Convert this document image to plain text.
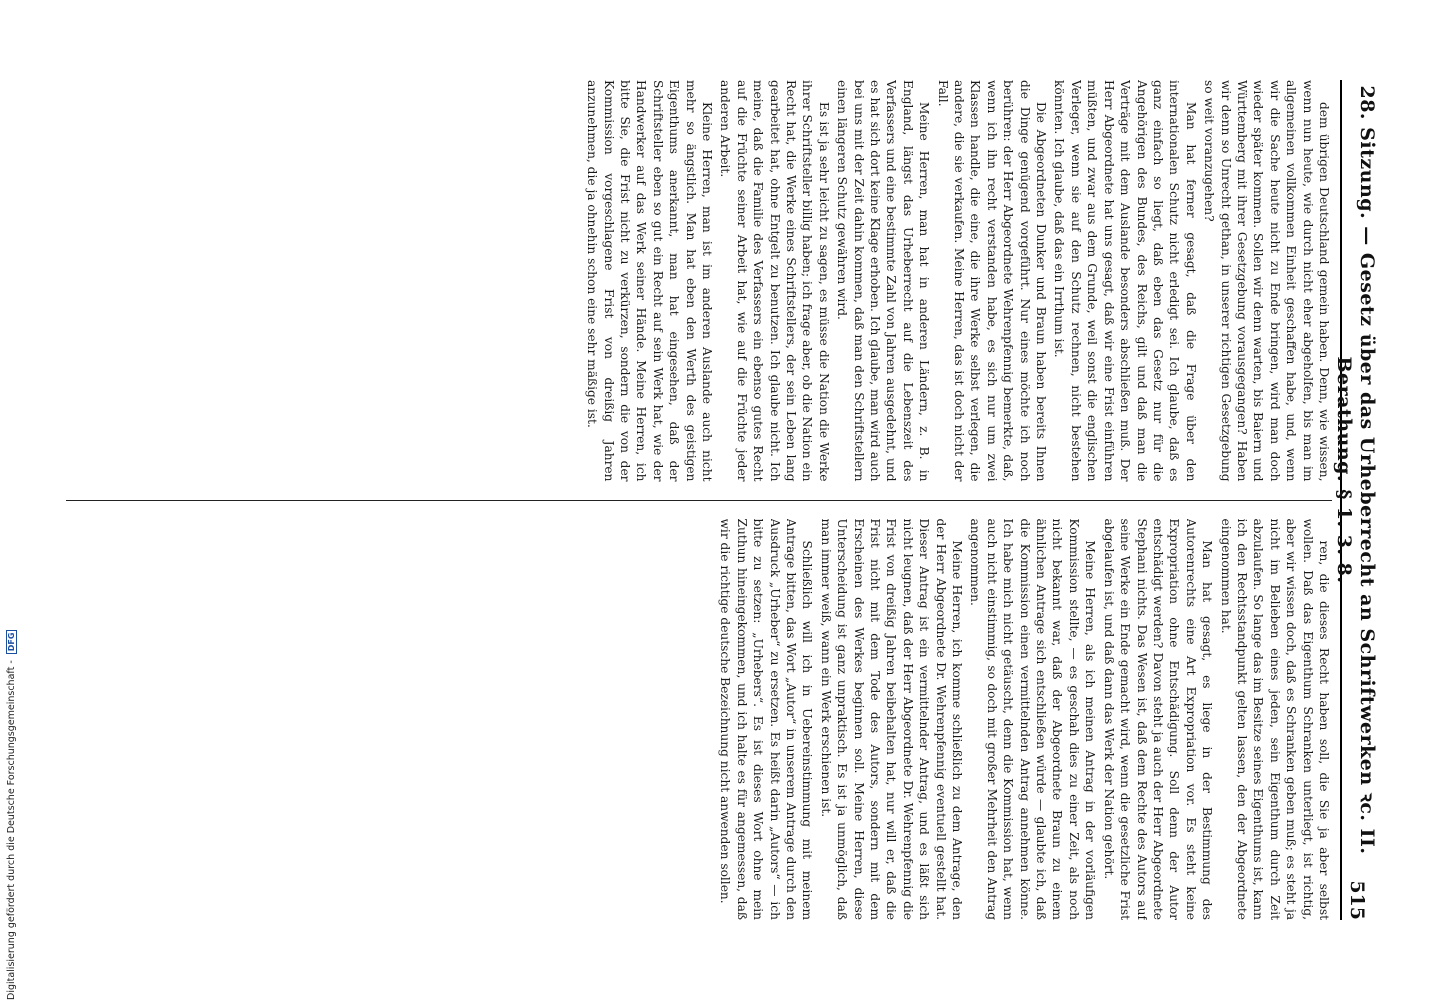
28. Sitzung. — Gesetz über das Urheberrecht an Schriftwerken ꝛc. II. Berathung. § 1. 3. 8.
515

dem übrigen Deutschland gemein haben. Denn, wie wissen, wenn nun heute, wie durch nicht eher abgeholfen, bis man im allgemeinen vollkommen Einheit geschaffen habe, und, wenn wir die Sache heute nicht zu Ende bringen, wird man doch wieder später kommen. Sollen wir denn warten, bis Baiern und Württemberg mit ihrer Gesetzgebung vorausgegangen? Haben wir denn so Unrecht gethan, in unserer richtigen Gesetzgebung so weit voranzugehen?

Man hat ferner gesagt, daß die Frage über den internationalen Schutz nicht erledigt sei. Ich glaube, daß es ganz einfach so liegt, daß eben das Gesetz nur für die Angehörigen des Bundes, des Reichs, gilt und daß man die Verträge mit dem Auslande besonders abschließen muß. Der Herr Abgeordnete hat uns gesagt, daß wir eine Frist einführen müßten, und zwar aus dem Grunde, weil sonst die englischen Verleger, wenn sie auf den Schutz rechnen, nicht bestehen könnten. Ich glaube, daß das ein Irrthum ist.

Die Abgeordneten Dunker und Braun haben bereits Ihnen die Dinge genügend vorgeführt. Nur eines möchte ich noch berühren: der Herr Abgeordnete Wehrenpfennig bemerkte, daß, wenn ich ihn recht verstanden habe, es sich nur um zwei Klassen handle, die eine, die ihre Werke selbst verlegen, die andere, die sie verkaufen. Meine Herren, das ist doch nicht der Fall.

Meine Herren, man hat in anderen Ländern, z. B. in England, längst das Urheberrecht auf die Lebenszeit des Verfassers und eine bestimmte Zahl von Jahren ausgedehnt, und es hat sich dort keine Klage erhoben. Ich glaube, man wird auch bei uns mit der Zeit dahin kommen, daß man den Schriftstellern einen längeren Schutz gewähren wird.

Es ist ja sehr leicht zu sagen, es müsse die Nation die Werke ihrer Schriftsteller billig haben; ich frage aber, ob die Nation ein Recht hat, die Werke eines Schriftstellers, der sein Leben lang gearbeitet hat, ohne Entgelt zu benutzen. Ich glaube nicht. Ich meine, daß die Familie des Verfassers ein ebenso gutes Recht auf die Früchte seiner Arbeit hat, wie auf die Früchte jeder anderen Arbeit.

Kleine Herren, man ist im anderen Auslande auch nicht mehr so ängstlich. Man hat eben den Werth des geistigen Eigenthums anerkannt, man hat eingesehen, daß der Schriftsteller eben so gut ein Recht auf sein Werk hat, wie der Handwerker auf das Werk seiner Hände. Meine Herren, ich bitte Sie, die Frist nicht zu verkürzen, sondern die von der Kommission vorgeschlagene Frist von dreißig Jahren anzunehmen, die ja ohnehin schon eine sehr mäßige ist.

ren, die dieses Recht haben soll, die Sie ja aber selbst wollen. Daß das Eigenthum Schranken unterliegt, ist richtig, aber wir wissen doch, daß es Schranken geben muß; es steht ja nicht im Belieben eines jeden, sein Eigenthum durch Zeit abzulaufen. So lange das im Besitze seines Eigenthums ist, kann ich den Rechtsstandpunkt gelten lassen, den der Abgeordnete eingenommen hat.

Man hat gesagt, es liege in der Bestimmung des Autorenrechts eine Art Expropriation vor. Es steht keine Expropriation ohne Entschädigung. Soll denn der Autor entschädigt werden? Davon steht ja auch der Herr Abgeordnete Stephani nichts. Das Wesen ist, daß dem Rechte des Autors auf seine Werke ein Ende gemacht wird, wenn die gesetzliche Frist abgelaufen ist, und daß dann das Werk der Nation gehört.

Meine Herren, als ich meinen Antrag in der vorläufigen Kommission stellte, — es geschah dies zu einer Zeit, als noch nicht bekannt war, daß der Abgeordnete Braun zu einem ähnlichen Antrage sich entschließen würde — glaubte ich, daß die Kommission einen vermittelnden Antrag annehmen könne. Ich habe mich nicht getäuscht, denn die Kommission hat, wenn auch nicht einstimmig, so doch mit großer Mehrheit den Antrag angenommen.

Meine Herren, ich komme schließlich zu dem Antrage, den der Herr Abgeordnete Dr. Wehrenpfennig eventuell gestellt hat. Dieser Antrag ist ein vermittelnder Antrag, und es läßt sich nicht leugnen, daß der Herr Abgeordnete Dr. Wehrenpfennig die Frist von dreißig Jahren beibehalten hat, nur will er, daß die Frist nicht mit dem Tode des Autors, sondern mit dem Erscheinen des Werkes beginnen soll. Meine Herren, diese Unterscheidung ist ganz unpraktisch. Es ist ja unmöglich, daß man immer weiß, wann ein Werk erschienen ist.

Schließlich will ich in Uebereinstimmung mit meinem Antrage bitten, das Wort „Autor“ in unserem Antrage durch den Ausdruck „Urheber“ zu ersetzen. Es heißt darin „Autors“ — ich bitte zu setzen: „Urhebers“. Es ist dieses Wort ohne mein Zuthun hineingekommen, und ich halte es für angemessen, daß wir die richtige deutsche Bezeichnung nicht anwenden sollen.

Digitalisierung gefördert durch die Deutsche Forschungsgemeinschaft -DFG
